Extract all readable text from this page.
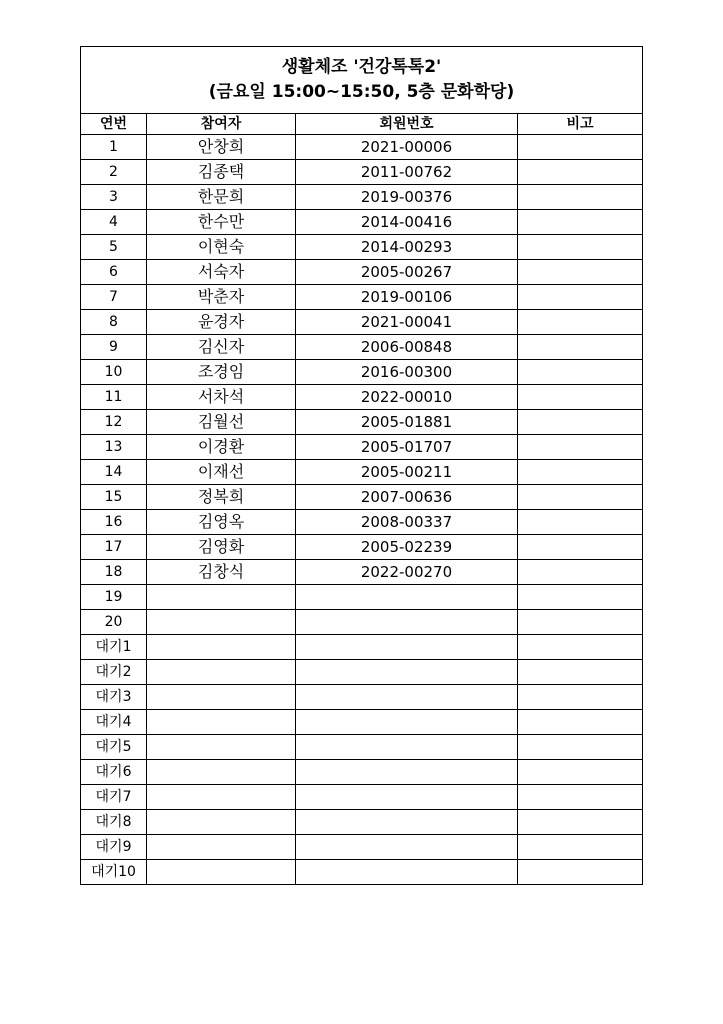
생활체조 '건강톡톡2'
(금요일 15:00~15:50, 5층 문화학당)			

연번	참여자	회원번호	비고
1	안창희	2021-00006	
2	김종택	2011-00762	
3	한문희	2019-00376	
4	한수만	2014-00416	
5	이현숙	2014-00293	
6	서숙자	2005-00267	
7	박춘자	2019-00106	
8	윤경자	2021-00041	
9	김신자	2006-00848	
10	조경임	2016-00300	
11	서차석	2022-00010	
12	김월선	2005-01881	
13	이경환	2005-01707	
14	이재선	2005-00211	
15	정복희	2007-00636	
16	김영옥	2008-00337	
17	김영화	2005-02239	
18	김창식	2022-00270	
19			
20			
대기1			
대기2			
대기3			
대기4			
대기5			
대기6			
대기7			
대기8			
대기9			
대기10			
